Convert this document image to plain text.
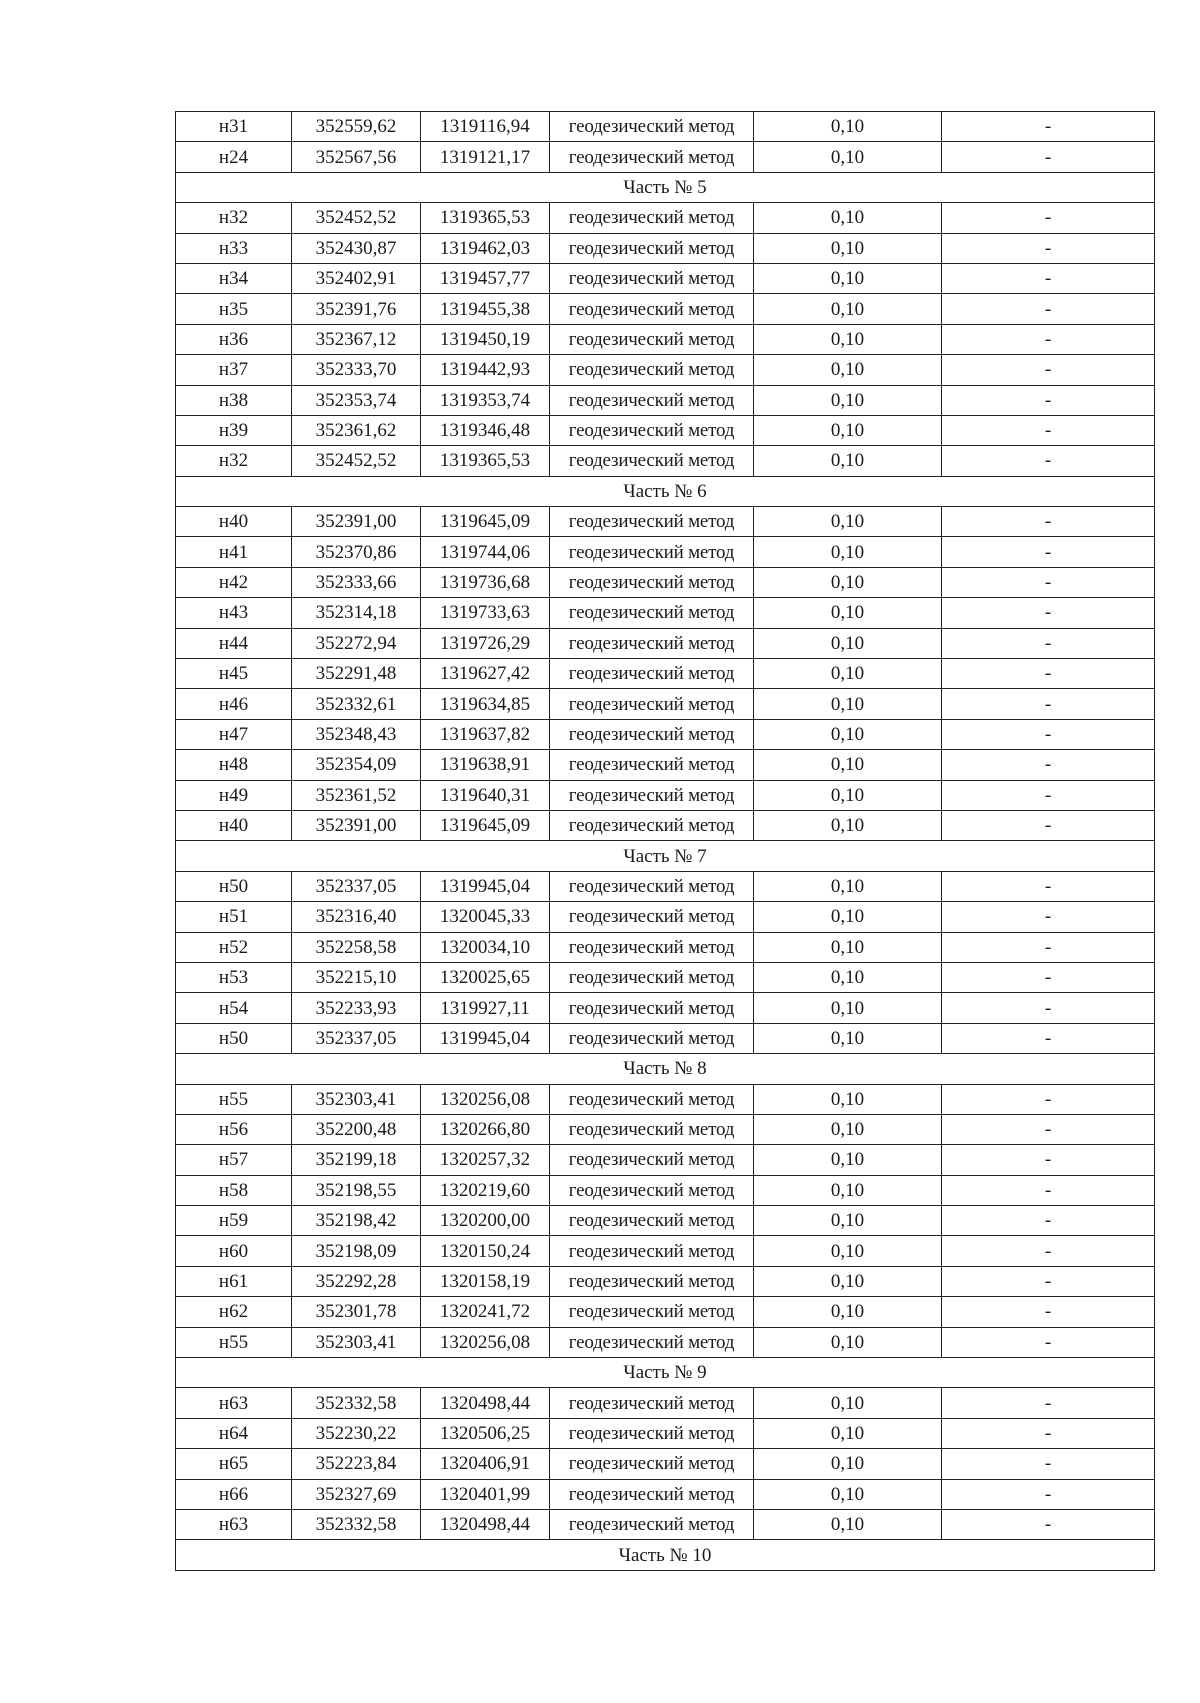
н31	352559,62	1319116,94	геодезический метод	0,10	-
н24	352567,56	1319121,17	геодезический метод	0,10	-
Часть № 5					
н32	352452,52	1319365,53	геодезический метод	0,10	-
н33	352430,87	1319462,03	геодезический метод	0,10	-
н34	352402,91	1319457,77	геодезический метод	0,10	-
н35	352391,76	1319455,38	геодезический метод	0,10	-
н36	352367,12	1319450,19	геодезический метод	0,10	-
н37	352333,70	1319442,93	геодезический метод	0,10	-
н38	352353,74	1319353,74	геодезический метод	0,10	-
н39	352361,62	1319346,48	геодезический метод	0,10	-
н32	352452,52	1319365,53	геодезический метод	0,10	-
Часть № 6					
н40	352391,00	1319645,09	геодезический метод	0,10	-
н41	352370,86	1319744,06	геодезический метод	0,10	-
н42	352333,66	1319736,68	геодезический метод	0,10	-
н43	352314,18	1319733,63	геодезический метод	0,10	-
н44	352272,94	1319726,29	геодезический метод	0,10	-
н45	352291,48	1319627,42	геодезический метод	0,10	-
н46	352332,61	1319634,85	геодезический метод	0,10	-
н47	352348,43	1319637,82	геодезический метод	0,10	-
н48	352354,09	1319638,91	геодезический метод	0,10	-
н49	352361,52	1319640,31	геодезический метод	0,10	-
н40	352391,00	1319645,09	геодезический метод	0,10	-
Часть № 7					
н50	352337,05	1319945,04	геодезический метод	0,10	-
н51	352316,40	1320045,33	геодезический метод	0,10	-
н52	352258,58	1320034,10	геодезический метод	0,10	-
н53	352215,10	1320025,65	геодезический метод	0,10	-
н54	352233,93	1319927,11	геодезический метод	0,10	-
н50	352337,05	1319945,04	геодезический метод	0,10	-
Часть № 8					
н55	352303,41	1320256,08	геодезический метод	0,10	-
н56	352200,48	1320266,80	геодезический метод	0,10	-
н57	352199,18	1320257,32	геодезический метод	0,10	-
н58	352198,55	1320219,60	геодезический метод	0,10	-
н59	352198,42	1320200,00	геодезический метод	0,10	-
н60	352198,09	1320150,24	геодезический метод	0,10	-
н61	352292,28	1320158,19	геодезический метод	0,10	-
н62	352301,78	1320241,72	геодезический метод	0,10	-
н55	352303,41	1320256,08	геодезический метод	0,10	-
Часть № 9					
н63	352332,58	1320498,44	геодезический метод	0,10	-
н64	352230,22	1320506,25	геодезический метод	0,10	-
н65	352223,84	1320406,91	геодезический метод	0,10	-
н66	352327,69	1320401,99	геодезический метод	0,10	-
н63	352332,58	1320498,44	геодезический метод	0,10	-
Часть № 10					
